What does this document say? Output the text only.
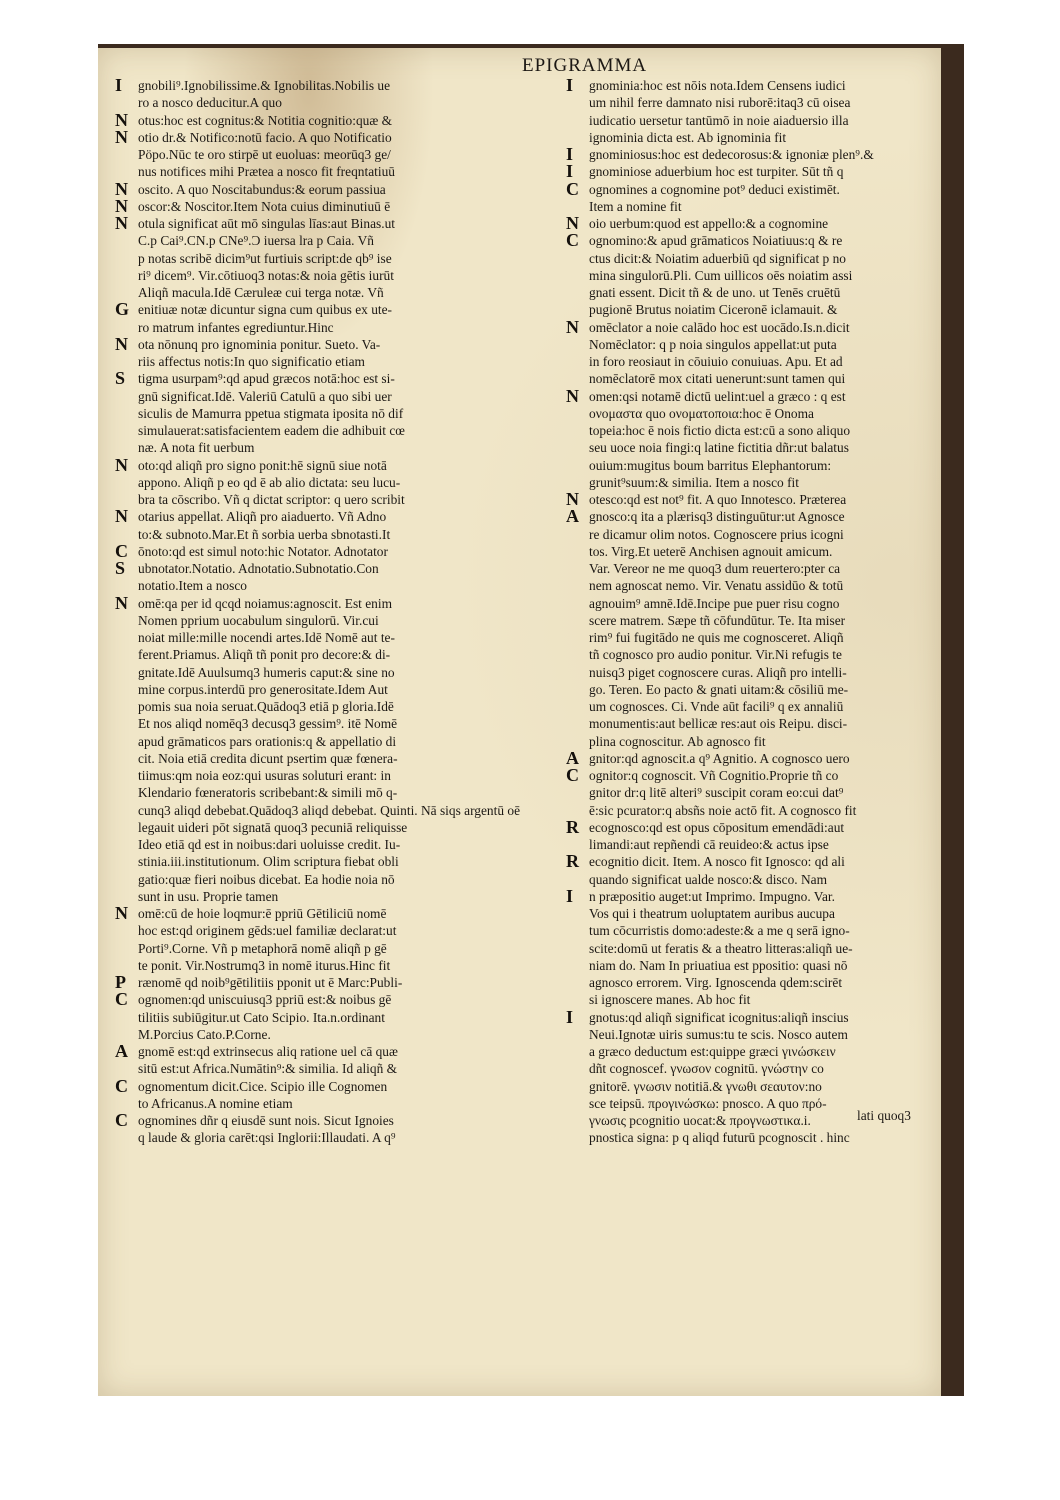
EPIGRAMMA
I gnobili⁹.Ignobilissime.& Ignobilitas.Nobilis ue
ro a nosco deducitur.A quo
N otus:hoc est cognitus:& Notitia cognitio:quæ &
N otio dr.& Notifico:notū facio. A quo Notificatio
Pöpo.Nūc te oro stirpē ut euoluas: meorūq3 ge/
nus notifices mihi Prætea a nosco fit freqntatiuū
N oscito. A quo Noscitabundus:& eorum passiua
N oscor:& Noscitor.Item Nota cuius diminutiuū ē
N otula significat aūt mō singulas līas:aut Binas.ut
C.p Cai⁹.CN.p CNe⁹.Ɔ iuersa lra p Caia. Vñ
p notas scribē dicim⁹ut furtiuis script:de qb⁹ ise
ri⁹ dicem⁹. Vir.cōtiuoq3 notas:& noia gētis iurūt
Aliqñ macula.Idē Cæruleæ cui terga notæ. Vñ
G enitiuæ notæ dicuntur signa cum quibus ex ute-
ro matrum infantes egrediuntur.Hinc
N ota nōnunq pro ignominia ponitur. Sueto. Va-
riis affectus notis:In quo significatio etiam
S tigma usurpam⁹:qd apud græcos notā:hoc est si-
gnū significat.Idē. Valeriū Catulū a quo sibi uer
siculis de Mamurra ppetua stigmata iposita nō dif
simulauerat:satisfacientem eadem die adhibuit cœ
næ. A nota fit uerbum
N oto:qd aliqñ pro signo ponit:hē signū siue notā
appono. Aliqñ p eo qd ē ab alio dictata: seu lucu-
bra ta cōscribo. Vñ q dictat scriptor: q uero scribit
N otarius appellat. Aliqñ pro aiaduerto. Vñ Adno
to:& subnoto.Mar.Et ñ sorbia uerba sbnotasti.It
C ōnoto:qd est simul noto:hic Notator. Adnotator
S ubnotator.Notatio. Adnotatio.Subnotatio.Con
notatio.Item a nosco
N omē:qa per id qcqd noiamus:agnoscit. Est enim
Nomen pprium uocabulum singulorū. Vir.cui
noiat mille:mille nocendi artes.Idē Nomē aut te-
ferent.Priamus. Aliqñ tñ ponit pro decore:& di-
gnitate.Idē Auulsumq3 humeris caput:& sine no
mine corpus.interdū pro generositate.Idem Aut
pomis sua noia seruat.Quādoq3 etiā p gloria.Idē
Et nos aliqd nomēq3 decusq3 gessim⁹. itē Nomē
apud grāmaticos pars orationis:q & appellatio di
cit. Noia etiā credita dicunt psertim quæ fœnera-
tiimus:qm noia eoz:qui usuras soluturi erant: in
Klendario fœneratoris scribebant:& simili mō q-
cunq3 aliqd debebat.Quādoq3 aliqd debebat. Quinti. Nā siqs argentū oē
legauit uideri pōt signatā quoq3 pecuniā reliquisse
Ideo etiā qd est in noibus:dari uoluisse credit. Iu-
stinia.iii.institutionum. Olim scriptura fiebat obli
gatio:quæ fieri noibus dicebat. Ea hodie noia nō
sunt in usu. Proprie tamen
N omē:cū de hoie loqmur:ē ppriū Gētiliciū nomē
hoc est:qd originem gēds:uel familiæ declarat:ut
Porti⁹.Corne. Vñ p metaphorā nomē aliqñ p gē
te ponit. Vir.Nostrumq3 in nomē iturus.Hinc fit
P rænomē qd noib⁹gētilitiis pponit ut ē Marc:Publi-
C ognomen:qd uniscuiusq3 ppriū est:& noibus gē
tilitiis subiūgitur.ut Cato Scipio. Ita.n.ordinant
M.Porcius Cato.P.Corne.
A gnomē est:qd extrinsecus aliq ratione uel cā quæ
sitū est:ut Africa.Numātin⁹:& similia. Id aliqñ &
C ognomentum dicit.Cice. Scipio ille Cognomen
to Africanus.A nomine etiam
C ognomines dñr q eiusdē sunt nois. Sicut Ignoies
q laude & gloria carēt:qsi Inglorii:Illaudati. A q⁹
I gnominia:hoc est nōis nota.Idem Censens iudici
um nihil ferre damnato nisi ruborē:itaq3 cū oisea
iudicatio uersetur tantūmō in noie aiaduersio illa
ignominia dicta est. Ab ignominia fit
I gnominiosus:hoc est dedecorosus:& ignoniæ plen⁹.&
I gnominiose aduerbium hoc est turpiter. Sūt tñ q
C ognomines a cognomine pot⁹ deduci existimēt.
Item a nomine fit
N oio uerbum:quod est appello:& a cognomine
C ognomino:& apud grāmaticos Noiatiuus:q & re
ctus dicit:& Noiatim aduerbiū qd significat p no
mina singulorū.Pli. Cum uillicos oēs noiatim assi
gnati essent. Dicit tñ & de uno. ut Tenēs cruētū
pugionē Brutus noiatim Ciceronē iclamauit. &
N omēclator a noie calādo hoc est uocādo.Is.n.dicit
Nomēclator: q p noia singulos appellat:ut puta
in foro reosiaut in cōuiuio conuiuas. Apu. Et ad
nomēclatorē mox citati uenerunt:sunt tamen qui
N omen:qsi notamē dictū uelint:uel a græco : q est
ονομαστα quo ονοματοποια:hoc ē Onoma
topeia:hoc ē nois fictio dicta est:cū a sono aliquo
seu uoce noia fingi:q latine fictitia dñr:ut balatus
ouium:mugitus boum barritus Elephantorum:
grunit⁹suum:& similia. Item a nosco fit
N otesco:qd est not⁹ fit. A quo Innotesco. Præterea
A gnosco:q ita a plærisq3 distinguūtur:ut Agnosce
re dicamur olim notos. Cognoscere prius icogni
tos. Virg.Et ueterē Anchisen agnouit amicum.
Var. Vereor ne me quoq3 dum reuertero:pter ca
nem agnoscat nemo. Vir. Venatu assidūo & totū
agnouim⁹ amnē.Idē.Incipe pue puer risu cogno
scere matrem. Sæpe tñ cōfundūtur. Te. Ita miser
rim⁹ fui fugitādo ne quis me cognosceret. Aliqñ
tñ cognosco pro audio ponitur. Vir.Ni refugis te
nuisq3 piget cognoscere curas. Aliqñ pro intelli-
go. Teren. Eo pacto & gnati uitam:& cōsiliū me-
um cognosces. Ci. Vnde aūt facili⁹ q ex annaliū
monumentis:aut bellicæ res:aut ois Reipu. disci-
plina cognoscitur. Ab agnosco fit
A gnitor:qd agnoscit.a q⁹ Agnitio. A cognosco uero
C ognitor:q cognoscit. Vñ Cognitio.Proprie tñ co
gnitor dr:q litē alteri⁹ suscipit coram eo:cui dat⁹
ē:sic pcurator:q absñs noie actō fit. A cognosco fit
R ecognosco:qd est opus cōpositum emendādi:aut
limandi:aut repñendi cā reuideo:& actus ipse
R ecognitio dicit. Item. A nosco fit Ignosco: qd ali
quando significat ualde nosco:& disco. Nam
I n præpositio auget:ut Imprimo. Impugno. Var.
Vos qui i theatrum uoluptatem auribus aucupa
tum cōcurristis domo:adeste:& a me q serā igno-
scite:domū ut feratis & a theatro litteras:aliqñ ue-
niam do. Nam In priuatiua est ppositio: quasi nō
agnosco errorem. Virg. Ignoscenda qdem:scirēt
si ignoscere manes. Ab hoc fit
I gnotus:qd aliqñ significat icognitus:aliqñ inscius
Neui.Ignotæ uiris sumus:tu te scis. Nosco autem
a græco deductum est:quippe græci γινώσκειν
dñt cognoscef. γνωσον cognitū. γνώστην co
gnitorē. γνωσιν notitiā.& γνωθι σεαυτον:no
sce teipsū. προγινώσκω: pnosco. A quo πρό-
γνωσις pcognitio uocat:& προγνωστικα.i.
pnostica signa: p q aliqd futurū pcognoscit . hinc
lati quoq3
